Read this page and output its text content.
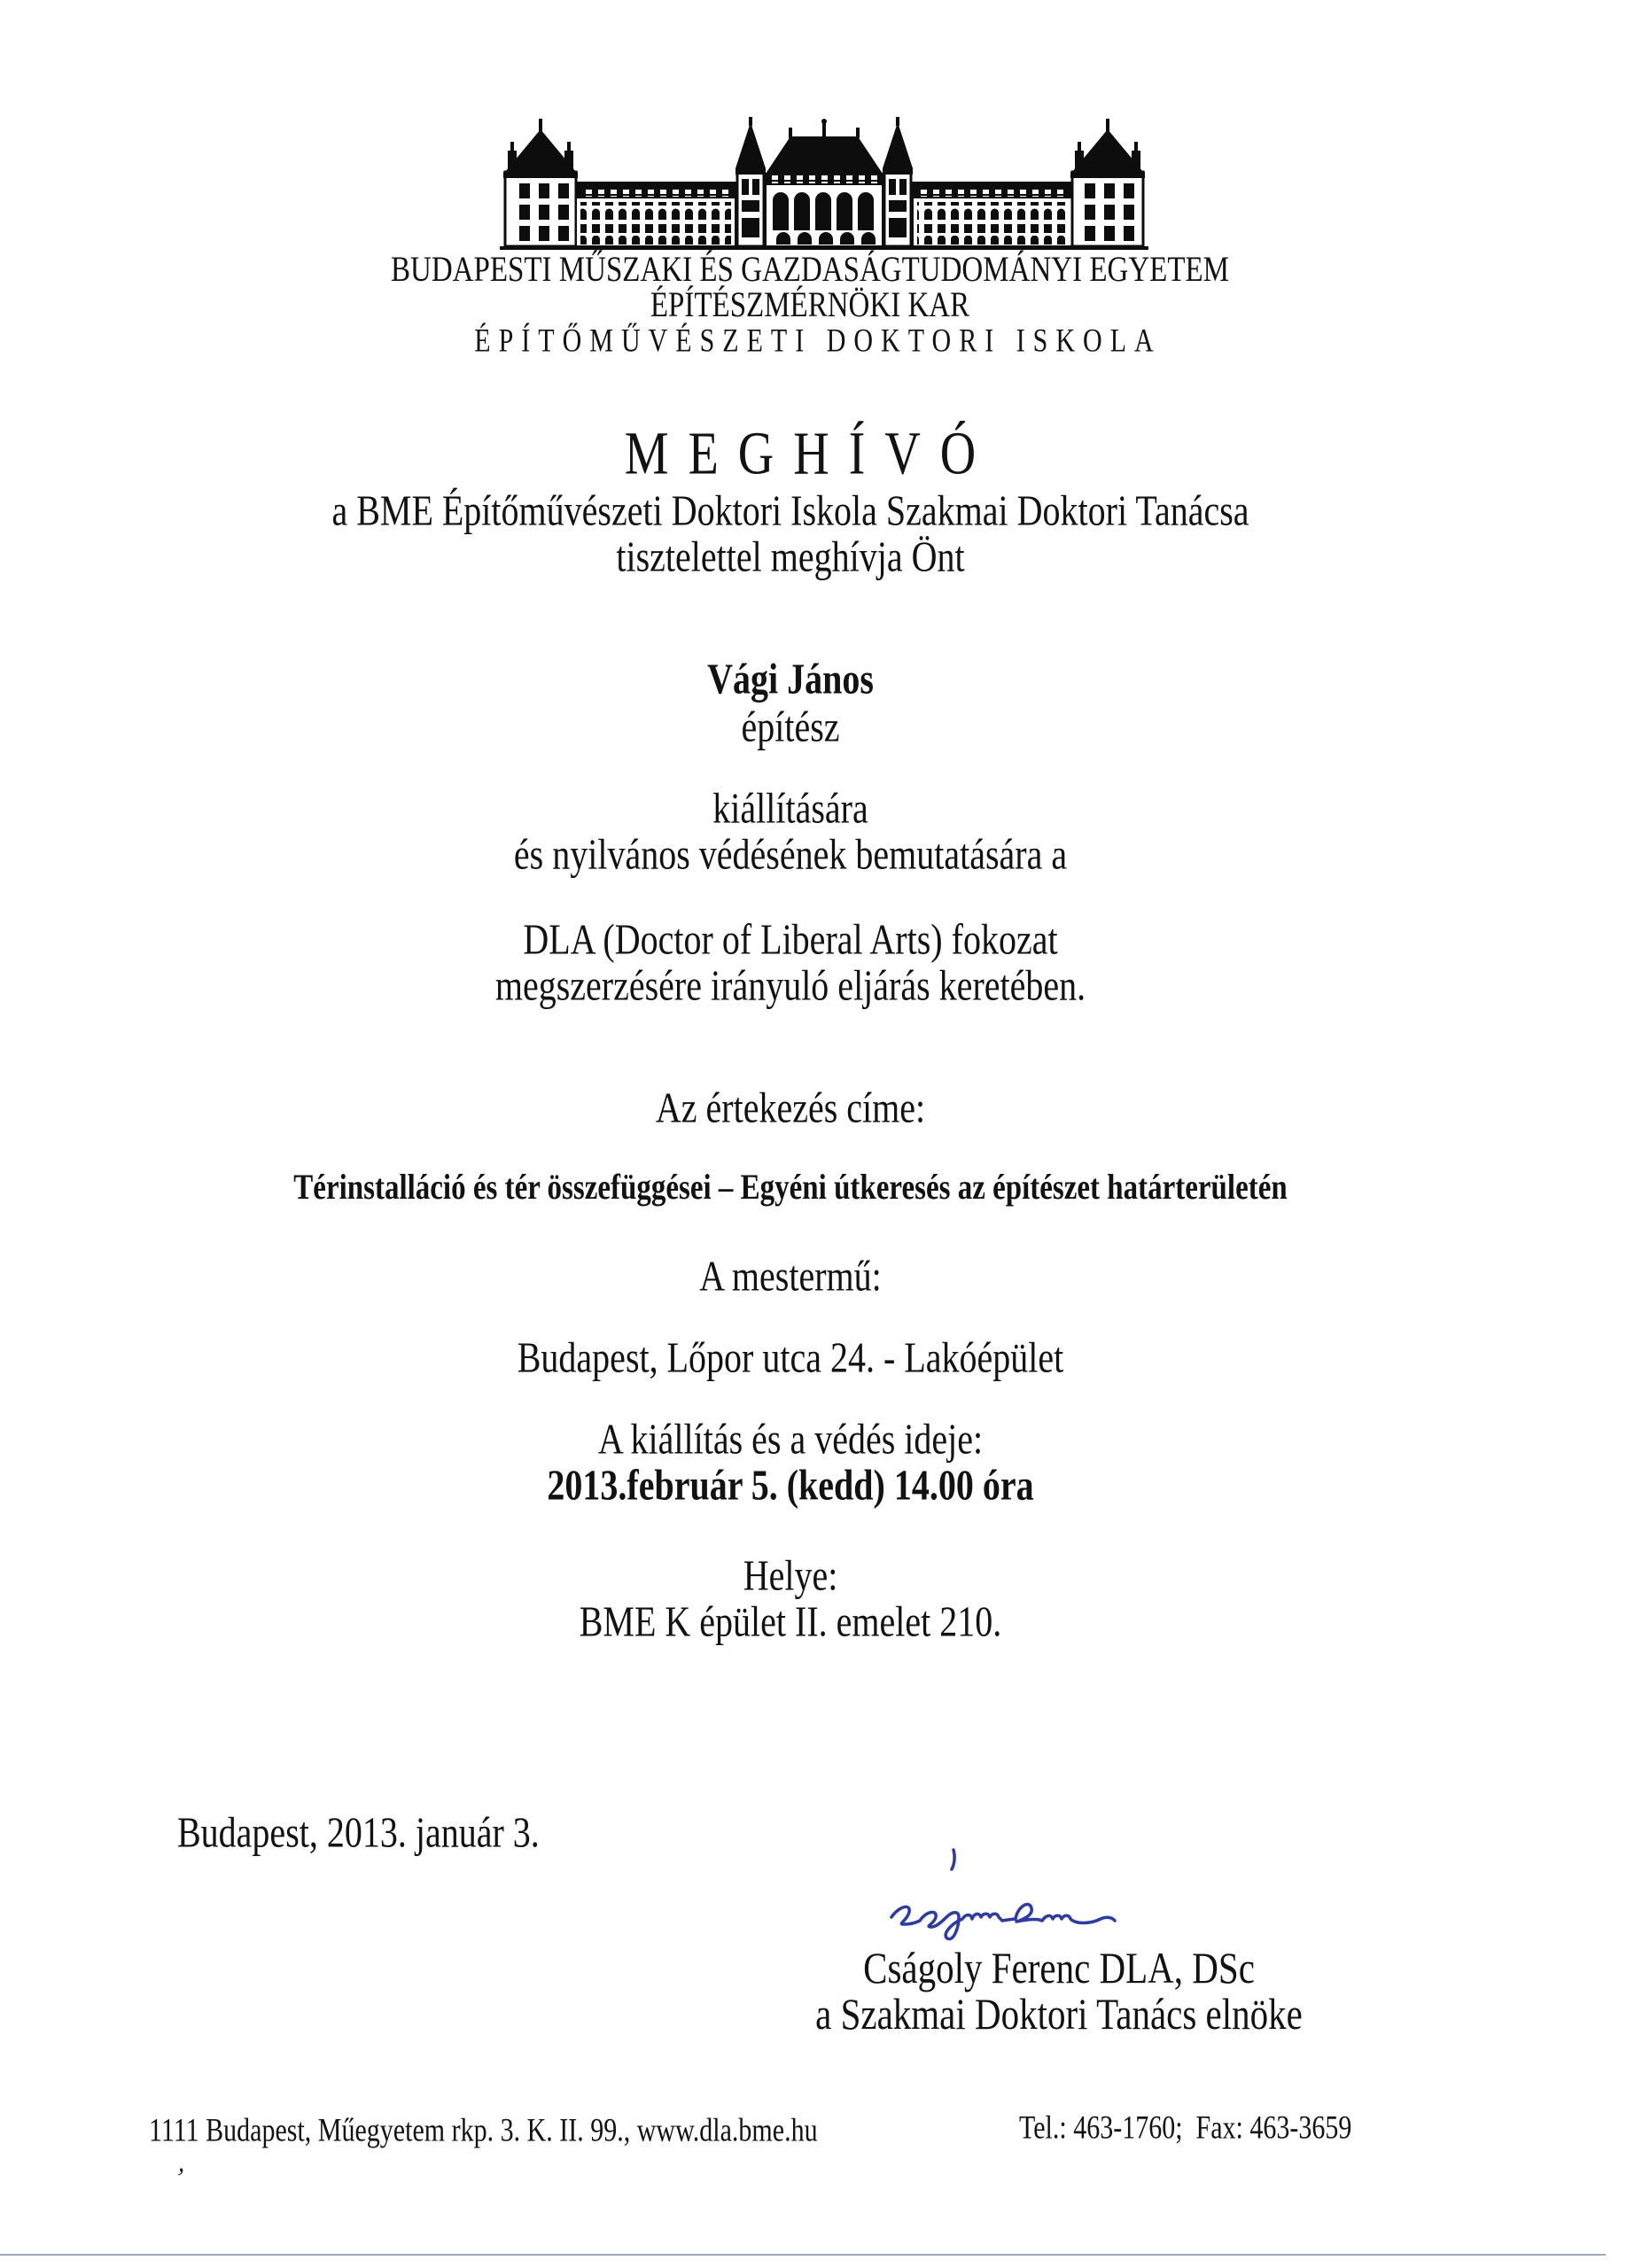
BUDAPESTI MŰSZAKI ÉS GAZDASÁGTUDOMÁNYI EGYETEM
ÉPÍTÉSZMÉRNÖKI KAR
ÉPÍTŐMŰVÉSZETI DOKTORI ISKOLA
MEGHÍVÓ
a BME Építőművészeti Doktori Iskola Szakmai Doktori Tanácsa
tisztelettel meghívja Önt
Vági János
építész
kiállítására
és nyilvános védésének bemutatására a
DLA (Doctor of Liberal Arts) fokozat
megszerzésére irányuló eljárás keretében.
Az értekezés címe:
Térinstalláció és tér összefüggései – Egyéni útkeresés az építészet határterületén
A mestermű:
Budapest, Lőpor utca 24. - Lakóépület
A kiállítás és a védés ideje:
2013.február 5. (kedd) 14.00 óra
Helye:
BME K épület II. emelet 210.
Budapest, 2013. január 3.
Cságoly Ferenc DLA, DSc
a Szakmai Doktori Tanács elnöke
1111 Budapest, Műegyetem rkp. 3. K. II. 99., www.dla.bme.hu	Tel.: 463-1760;  Fax: 463-3659
’
